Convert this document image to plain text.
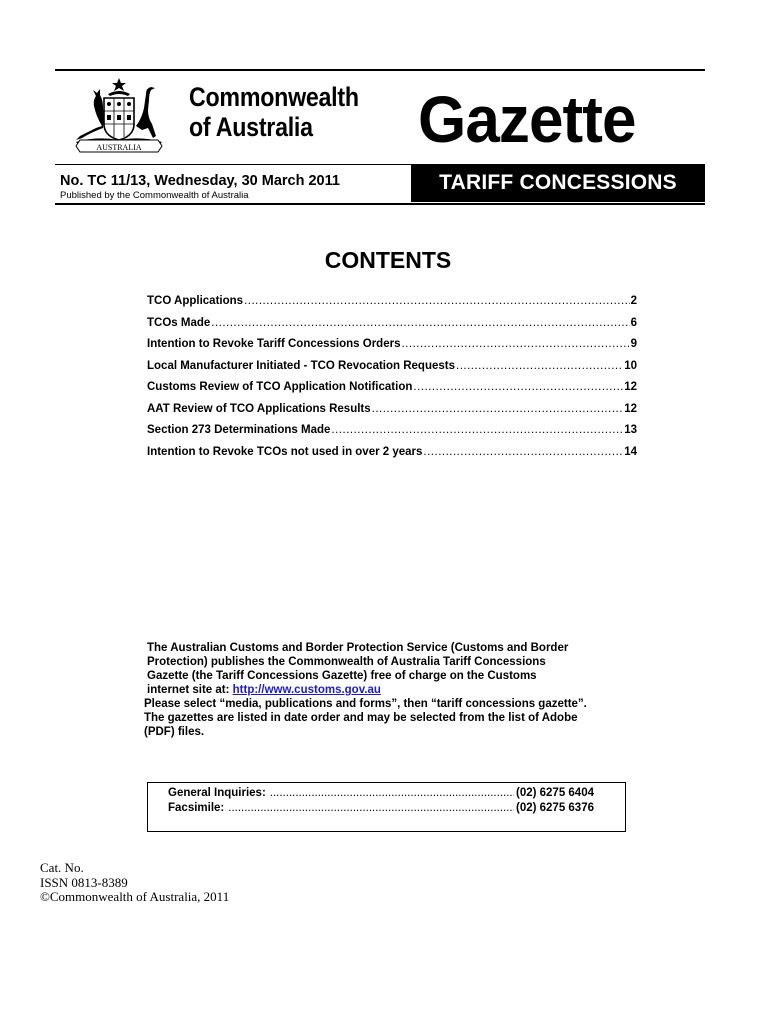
AUSTRALIA
Commonwealth
of Australia	Gazette
No. TC 11/13, Wednesday, 30 March 2011
Published by the Commonwealth of Australia
TARIFF CONCESSIONS
CONTENTS
TCO Applications .....	2
TCOs Made .....	6
Intention to Revoke Tariff Concessions Orders .....	9
Local Manufacturer Initiated - TCO Revocation Requests .....	10
Customs Review of TCO Application Notification .....	12
AAT Review of TCO Applications Results .....	12
Section 273 Determinations Made .....	13
Intention to Revoke TCOs not used in over 2 years .....	14
The Australian Customs and Border Protection Service (Customs and Border
Protection) publishes the Commonwealth of Australia Tariff Concessions
Gazette (the Tariff Concessions Gazette) free of charge on the Customs
internet site at: http://www.customs.gov.au
Please select “media, publications and forms”, then “tariff concessions gazette”.
The gazettes are listed in date order and may be selected from the list of Adobe
(PDF) files.
General Inquiries: .....	(02) 6275 6404
Facsimile: .....	(02) 6275 6376
Cat. No.
ISSN 0813-8389
©Commonwealth of Australia, 2011
